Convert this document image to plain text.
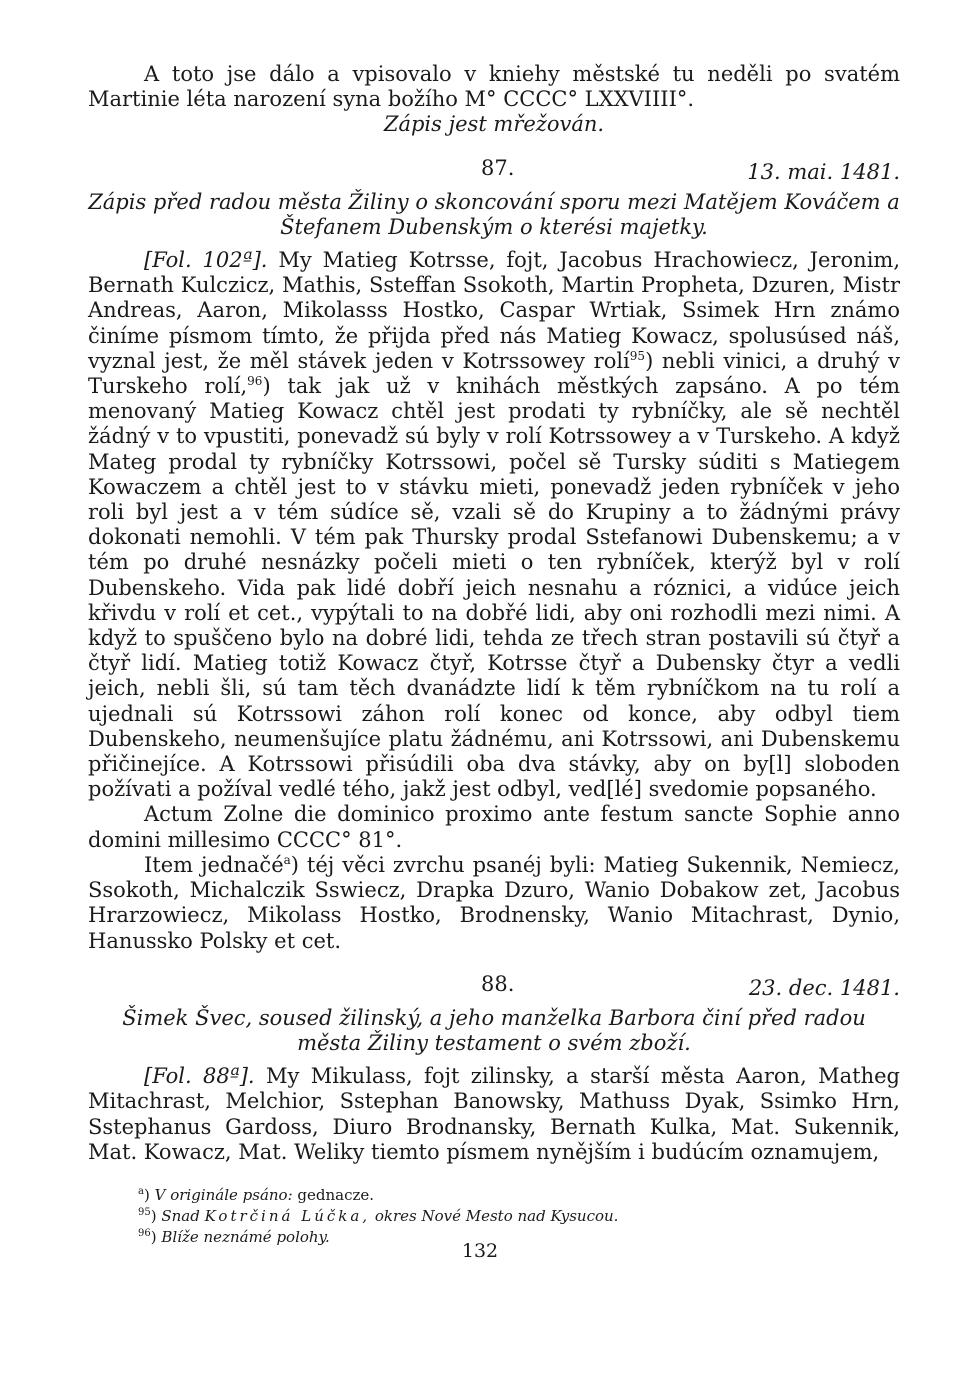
A toto jse dálo a vpisovalo v kniehy městské tu neděli po svatém Martinie léta narození syna božího M° CCCC° LXXVIIII°.

Zápis jest mřežován.

87.	13. mai. 1481.

Zápis před radou města Žiliny o skoncování sporu mezi Matějem Kováčem a Štefanem Dubenským o kterési majetky.

[Fol. 102ª]. My Matieg Kotrsse, fojt, Jacobus Hrachowiecz, Jeronim, Bernath Kulczicz, Mathis, Ssteffan Ssokoth, Martin Propheta, Dzuren, Mistr Andreas, Aaron, Mikolasss Hostko, Caspar Wrtiak, Ssimek Hrn známo činíme písmom tímto, že přijda před nás Matieg Kowacz, spolusúsed náš, vyznal jest, že měl stávek jeden v Kotrssowey rolí$^{95}$) nebli vinici, a druhý v Turskeho rolí,$^{96}$) tak jak už v knihách městkých zapsáno. A po tém menovaný Matieg Kowacz chtěl jest prodati ty rybníčky, ale sě nechtěl žádný v to vpustiti, ponevadž sú byly v rolí Kotrssowey a v Turskeho. A když Mateg prodal ty rybníčky Kotrssowi, počel sě Tursky súditi s Matiegem Kowaczem a chtěl jest to v stávku mieti, ponevadž jeden rybníček v jeho roli byl jest a v tém súdíce sě, vzali sě do Krupiny a to žádnými právy dokonati nemohli. V tém pak Thursky prodal Sstefanowi Dubenskemu; a v tém po druhé nesnázky počeli mieti o ten rybníček, kterýž byl v rolí Dubenskeho. Vida pak lidé dobří jeich nesnahu a róznici, a vidúce jeich křivdu v rolí et cet., vypýtali to na dobřé lidi, aby oni rozhodli mezi nimi. A když to spuščeno bylo na dobré lidi, tehda ze třech stran postavili sú čtyř a čtyř lidí. Matieg totiž Kowacz čtyř, Kotrsse čtyř a Dubensky čtyr a vedli jeich, nebli šli, sú tam těch dvanádzte lidí k těm rybníčkom na tu rolí a ujednali sú Kotrssowi záhon rolí konec od konce, aby odbyl tiem Dubenskeho, neumenšujíce platu žádnému, ani Kotrssowi, ani Dubenskemu přičinejíce. A Kotrssowi přisúdili oba dva stávky, aby on by[l] sloboden požívati a požíval vedlé tého, jakž jest odbyl, ved[lé] svedomie popsaného.

Actum Zolne die dominico proximo ante festum sancte Sophie anno domini millesimo CCCC° 81°.

Item jednačé$^a$) téj věci zvrchu psanéj byli: Matieg Sukennik, Nemiecz, Ssokoth, Michalczik Sswiecz, Drapka Dzuro, Wanio Dobakow zet, Jacobus Hrarzowiecz, Mikolass Hostko, Brodnensky, Wanio Mitachrast, Dynio, Hanussko Polsky et cet.

88.	23. dec. 1481.

Šimek Švec, soused žilinský, a jeho manželka Barbora činí před radou města Žiliny testament o svém zboží.

[Fol. 88ª]. My Mikulass, fojt zilinsky, a starší města Aaron, Matheg Mitachrast, Melchior, Sstephan Banowsky, Mathuss Dyak, Ssimko Hrn, Sstephanus Gardoss, Diuro Brodnansky, Bernath Kulka, Mat. Sukennik, Mat. Kowacz, Mat. Weliky tiemto písmem nynějším i budúcím oznamujem,

$^a$) V originále psáno: gednacze.
$^{95}$) Snad Kotrčiná Lúčka, okres Nové Mesto nad Kysucou.
$^{96}$) Blíže neznámé polohy.
132
